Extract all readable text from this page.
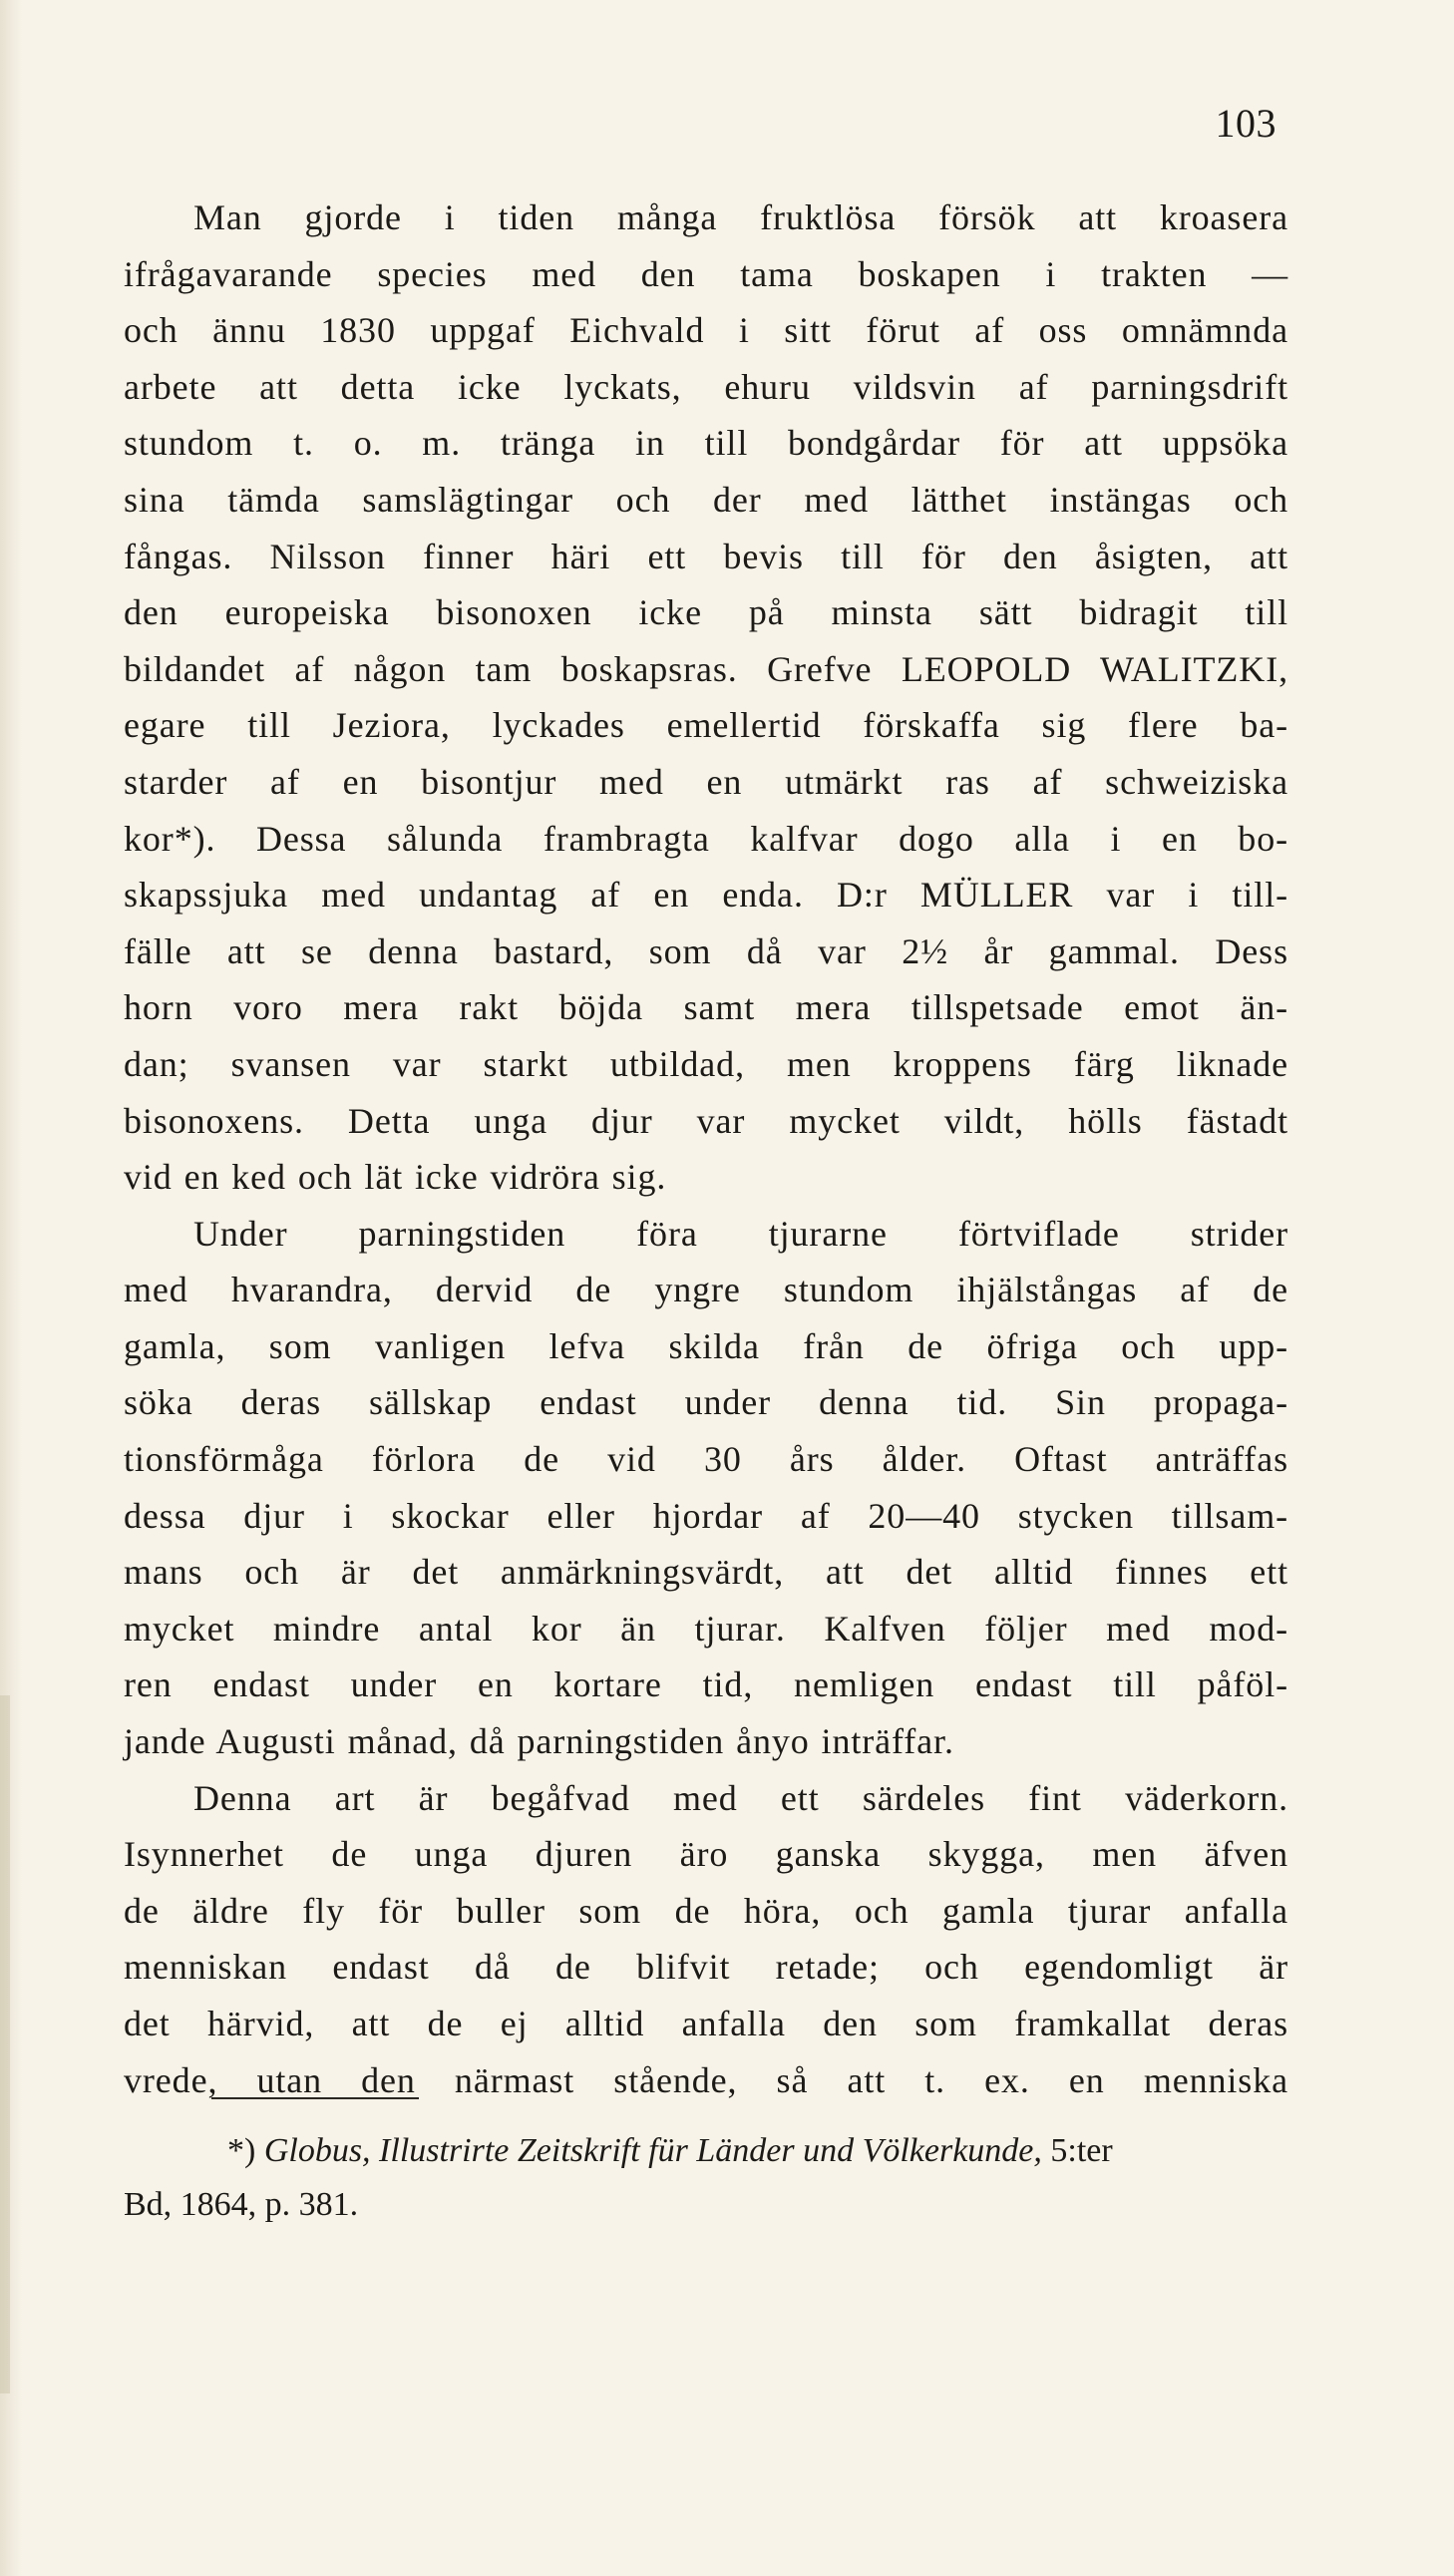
103
Man gjorde i tiden många fruktlösa försök att kroasera
ifrågavarande species med den tama boskapen i trakten —
och ännu 1830 uppgaf Eichvald i sitt förut af oss omnämnda
arbete att detta icke lyckats, ehuru vildsvin af parningsdrift
stundom t. o. m. tränga in till bondgårdar för att uppsöka
sina tämda samslägtingar och der med lätthet instängas och
fångas. Nilsson finner häri ett bevis till för den åsigten, att
den europeiska bisonoxen icke på minsta sätt bidragit till
bildandet af någon tam boskapsras. Grefve LEOPOLD WALITZKI,
egare till Jeziora, lyckades emellertid förskaffa sig flere ba-
starder af en bisontjur med en utmärkt ras af schweiziska
kor*). Dessa sålunda frambragta kalfvar dogo alla i en bo-
skapssjuka med undantag af en enda. D:r MÜLLER var i till-
fälle att se denna bastard, som då var 2½ år gammal. Dess
horn voro mera rakt böjda samt mera tillspetsade emot än-
dan; svansen var starkt utbildad, men kroppens färg liknade
bisonoxens. Detta unga djur var mycket vildt, hölls fästadt
vid en ked och lät icke vidröra sig.
Under parningstiden föra tjurarne förtviflade strider
med hvarandra, dervid de yngre stundom ihjälstångas af de
gamla, som vanligen lefva skilda från de öfriga och upp-
söka deras sällskap endast under denna tid. Sin propaga-
tionsförmåga förlora de vid 30 års ålder. Oftast anträffas
dessa djur i skockar eller hjordar af 20—40 stycken tillsam-
mans och är det anmärkningsvärdt, att det alltid finnes ett
mycket mindre antal kor än tjurar. Kalfven följer med mod-
ren endast under en kortare tid, nemligen endast till påföl-
jande Augusti månad, då parningstiden ånyo inträffar.
Denna art är begåfvad med ett särdeles fint väderkorn.
Isynnerhet de unga djuren äro ganska skygga, men äfven
de äldre fly för buller som de höra, och gamla tjurar anfalla
menniskan endast då de blifvit retade; och egendomligt är
det härvid, att de ej alltid anfalla den som framkallat deras
vrede, utan den närmast stående, så att t. ex. en menniska
*) Globus, Illustrirte Zeitskrift für Länder und Völkerkunde, 5:ter
Bd, 1864, p. 381.
